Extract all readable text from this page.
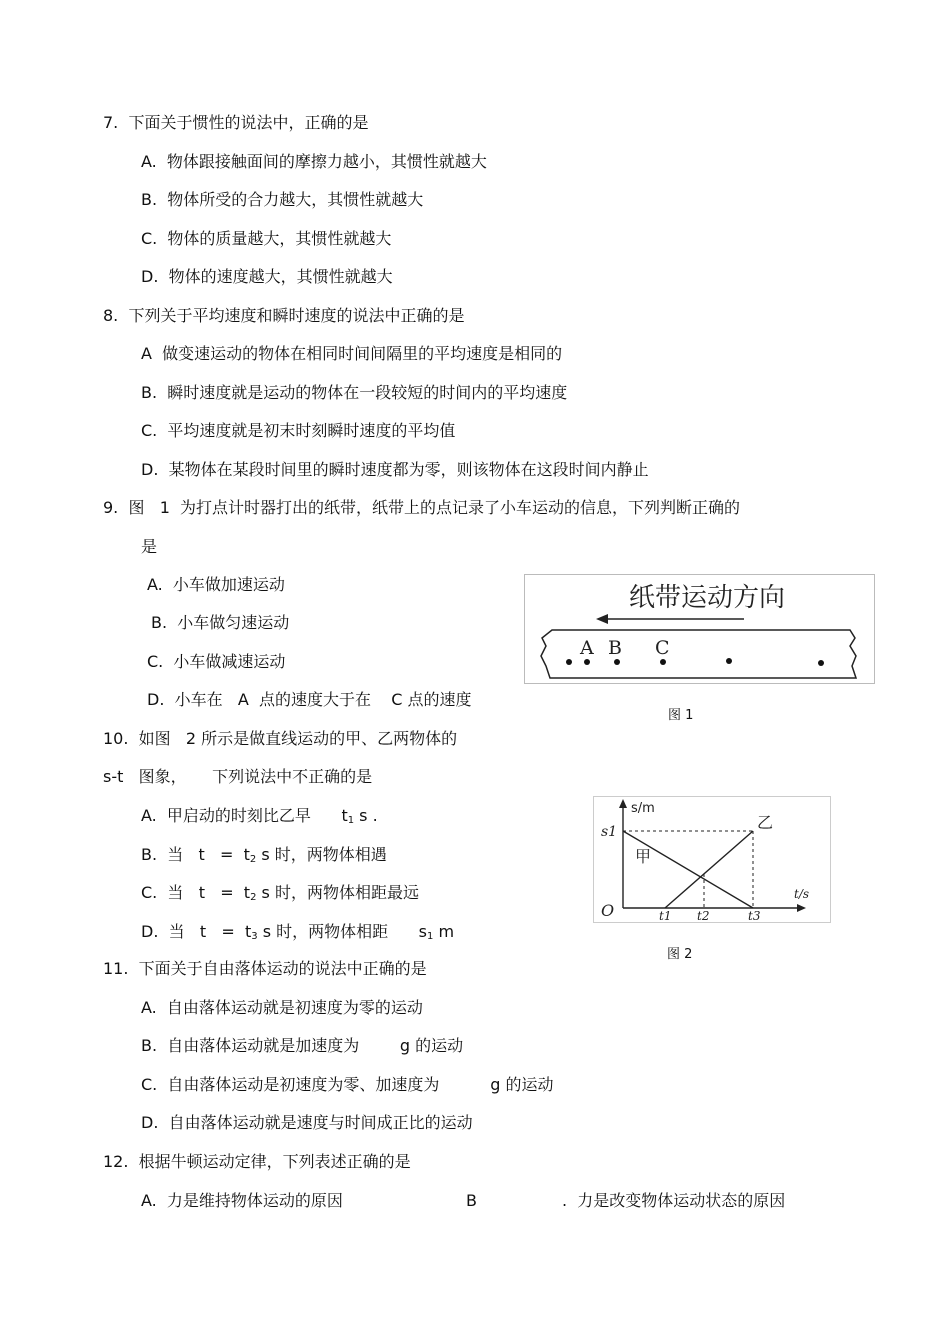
7.  下面关于惯性的说法中，正确的是
A.  物体跟接触面间的摩擦力越小，其惯性就越大
B.  物体所受的合力越大，其惯性就越大
C.  物体的质量越大，其惯性就越大
D.  物体的速度越大，其惯性就越大
8.  下列关于平均速度和瞬时速度的说法中正确的是
A  做变速运动的物体在相同时间间隔里的平均速度是相同的
B.  瞬时速度就是运动的物体在一段较短的时间内的平均速度
C.  平均速度就是初末时刻瞬时速度的平均值
D.  某物体在某段时间里的瞬时速度都为零，则该物体在这段时间内静止
9.  图   1  为打点计时器打出的纸带，纸带上的点记录了小车运动的信息，下列判断正确的
是
A.  小车做加速运动
B.  小车做匀速运动
C.  小车做减速运动
D.  小车在   A  点的速度大于在    C 点的速度
纸带运动方向
A B C
图 1
10.  如图   2 所示是做直线运动的甲、乙两物体的
s-t   图象，     下列说法中不正确的是
A.  甲启动的时刻比乙早      t1 s .
B.  当   t   =  t2 s 时，两物体相遇
C.  当   t   =  t2 s 时，两物体相距最远
D.  当   t   =  t3 s 时，两物体相距      s1 m
s/m
t/s
O
s1
甲
乙
t1 t2	t3
图 2
11.  下面关于自由落体运动的说法中正确的是
A.  自由落体运动就是初速度为零的运动
B.  自由落体运动就是加速度为        g 的运动
C.  自由落体运动是初速度为零、加速度为          g 的运动
D.  自由落体运动就是速度与时间成正比的运动
12.  根据牛顿运动定律，下列表述正确的是
A.  力是维持物体运动的原因	B	.  力是改变物体运动状态的原因
